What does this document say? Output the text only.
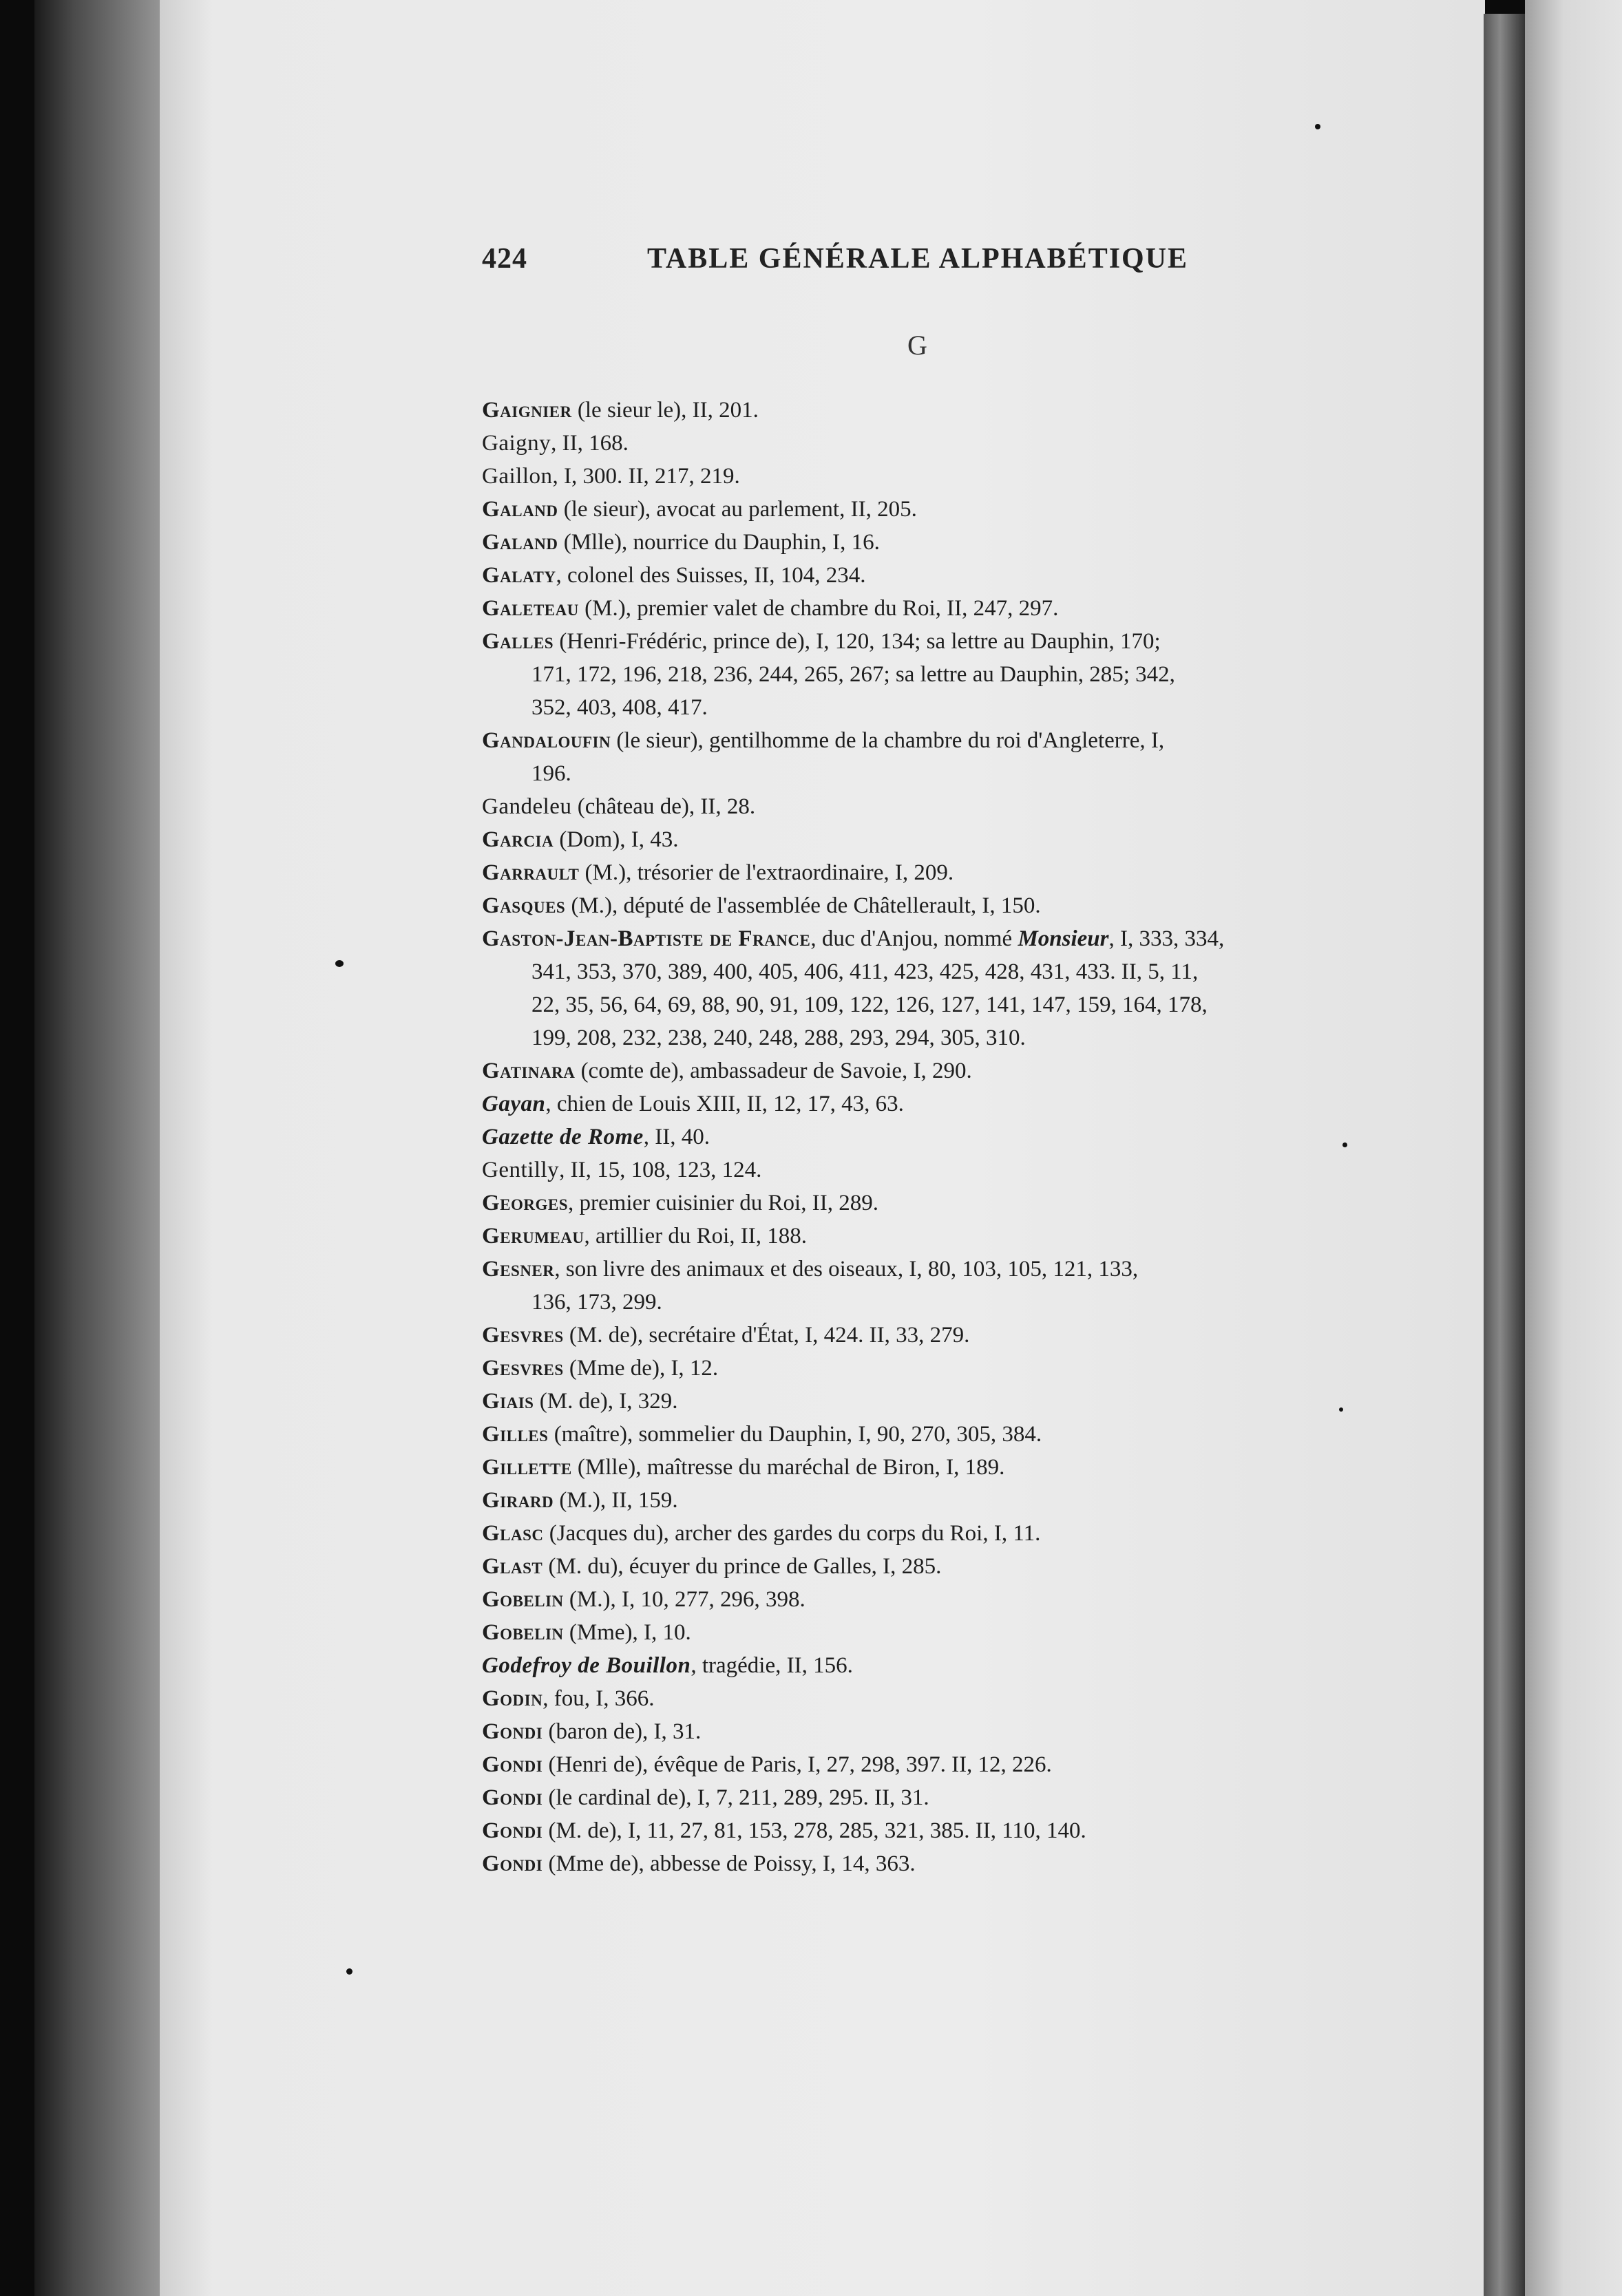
424	TABLE GÉNÉRALE ALPHABÉTIQUE
G
Gaignier (le sieur le), II, 201.
Gaigny, II, 168.
Gaillon, I, 300. II, 217, 219.
Galand (le sieur), avocat au parlement, II, 205.
Galand (Mlle), nourrice du Dauphin, I, 16.
Galaty, colonel des Suisses, II, 104, 234.
Galeteau (M.), premier valet de chambre du Roi, II, 247, 297.
Galles (Henri-Frédéric, prince de), I, 120, 134; sa lettre au Dauphin, 170;
171, 172, 196, 218, 236, 244, 265, 267; sa lettre au Dauphin, 285; 342,
352, 403, 408, 417.
Gandaloufin (le sieur), gentilhomme de la chambre du roi d'Angleterre, I,
196.
Gandeleu (château de), II, 28.
Garcia (Dom), I, 43.
Garrault (M.), trésorier de l'extraordinaire, I, 209.
Gasques (M.), député de l'assemblée de Châtellerault, I, 150.
Gaston-Jean-Baptiste de France, duc d'Anjou, nommé Monsieur, I, 333, 334,
341, 353, 370, 389, 400, 405, 406, 411, 423, 425, 428, 431, 433. II, 5, 11,
22, 35, 56, 64, 69, 88, 90, 91, 109, 122, 126, 127, 141, 147, 159, 164, 178,
199, 208, 232, 238, 240, 248, 288, 293, 294, 305, 310.
Gatinara (comte de), ambassadeur de Savoie, I, 290.
Gayan, chien de Louis XIII, II, 12, 17, 43, 63.
Gazette de Rome, II, 40.
Gentilly, II, 15, 108, 123, 124.
Georges, premier cuisinier du Roi, II, 289.
Gerumeau, artillier du Roi, II, 188.
Gesner, son livre des animaux et des oiseaux, I, 80, 103, 105, 121, 133,
136, 173, 299.
Gesvres (M. de), secrétaire d'État, I, 424. II, 33, 279.
Gesvres (Mme de), I, 12.
Giais (M. de), I, 329.
Gilles (maître), sommelier du Dauphin, I, 90, 270, 305, 384.
Gillette (Mlle), maîtresse du maréchal de Biron, I, 189.
Girard (M.), II, 159.
Glasc (Jacques du), archer des gardes du corps du Roi, I, 11.
Glast (M. du), écuyer du prince de Galles, I, 285.
Gobelin (M.), I, 10, 277, 296, 398.
Gobelin (Mme), I, 10.
Godefroy de Bouillon, tragédie, II, 156.
Godin, fou, I, 366.
Gondi (baron de), I, 31.
Gondi (Henri de), évêque de Paris, I, 27, 298, 397. II, 12, 226.
Gondi (le cardinal de), I, 7, 211, 289, 295. II, 31.
Gondi (M. de), I, 11, 27, 81, 153, 278, 285, 321, 385. II, 110, 140.
Gondi (Mme de), abbesse de Poissy, I, 14, 363.
